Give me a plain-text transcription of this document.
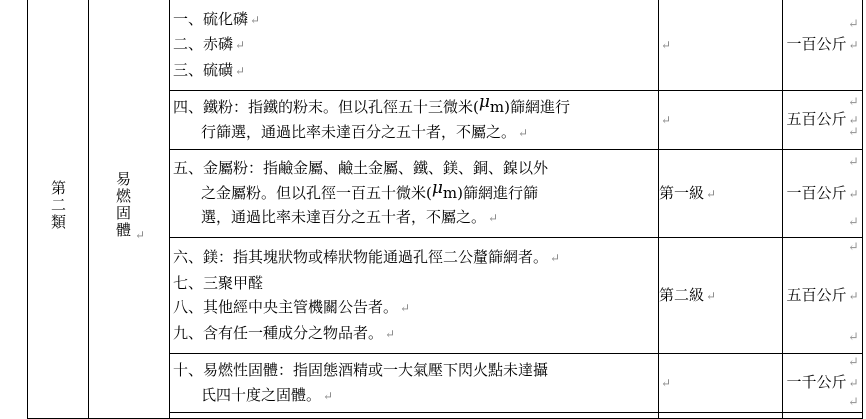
第二類	易燃固體 ↵	一、硫化磷 ↵
二、赤磷 ↵
三、硫磺 ↵	↵	一百公斤 ↵

		四、鐵粉：指鐵的粉末。但以孔徑五十三微米(μm)篩網進行
行篩選，通過比率未達百分之五十者，不屬之。 ↵	↵	五百公斤 ↵

		五、金屬粉：指鹼金屬、鹼土金屬、鐵、鎂、銅、鎳以外
之金屬粉。但以孔徑一百五十微米(μm)篩網進行篩
選，通過比率未達百分之五十者，不屬之。 ↵	第一級 ↵	一百公斤 ↵

		六、鎂：指其塊狀物或棒狀物能通過孔徑二公釐篩網者。 ↵
七、三聚甲醛
八、其他經中央主管機關公告者。 ↵
九、含有任一種成分之物品者。 ↵	第二級 ↵	五百公斤 ↵

		十、易燃性固體：指固態酒精或一大氣壓下閃火點未達攝
氏四十度之固體。 ↵	↵	一千公斤 ↵

↵
↵
↵
↵
↵
↵
↵
↵
↵
